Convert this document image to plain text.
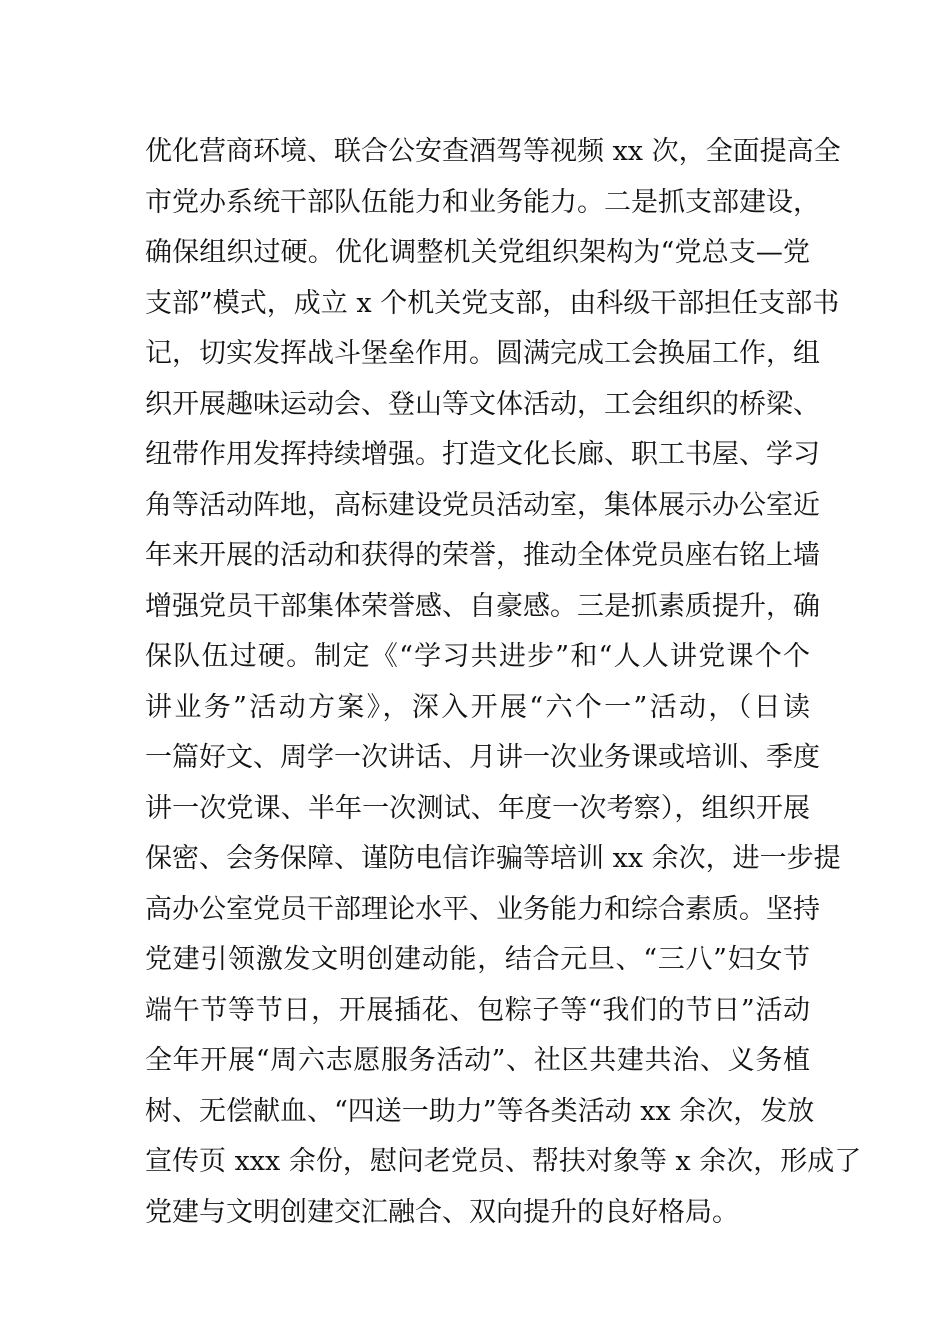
优化营商环境、联合公安查酒驾等视频 xx 次，全面提高全
市党办系统干部队伍能力和业务能力。二是抓支部建设，
确保组织过硬。优化调整机关党组织架构为“党总支—党
支部”模式，成立 x 个机关党支部，由科级干部担任支部书
记，切实发挥战斗堡垒作用。圆满完成工会换届工作，组
织开展趣味运动会、登山等文体活动，工会组织的桥梁、
纽带作用发挥持续增强。打造文化长廊、职工书屋、学习
角等活动阵地，高标建设党员活动室，集体展示办公室近
年来开展的活动和获得的荣誉，推动全体党员座右铭上墙
增强党员干部集体荣誉感、自豪感。三是抓素质提升，确
保队伍过硬。制定《“学习共进步”和“人人讲党课个个
讲业务”活动方案》，深入开展“六个一”活动，（日读
一篇好文、周学一次讲话、月讲一次业务课或培训、季度
讲一次党课、半年一次测试、年度一次考察），组织开展
保密、会务保障、谨防电信诈骗等培训 xx 余次，进一步提
高办公室党员干部理论水平、业务能力和综合素质。坚持
党建引领激发文明创建动能，结合元旦、“三八”妇女节
端午节等节日，开展插花、包粽子等“我们的节日”活动
全年开展“周六志愿服务活动”、社区共建共治、义务植
树、无偿献血、“四送一助力”等各类活动 xx 余次，发放
宣传页 xxx 余份，慰问老党员、帮扶对象等 x 余次，形成了
党建与文明创建交汇融合、双向提升的良好格局。
